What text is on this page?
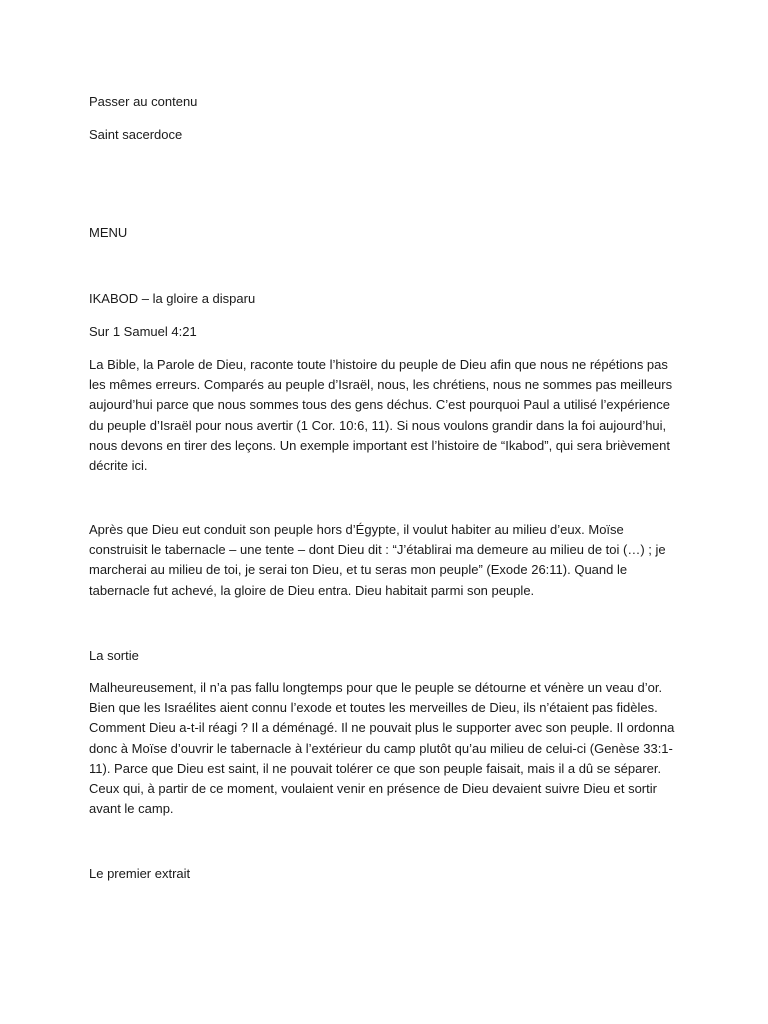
Passer au contenu
Saint sacerdoce
MENU
IKABOD – la gloire a disparu
Sur 1 Samuel 4:21

La Bible, la Parole de Dieu, raconte toute l’histoire du peuple de Dieu afin que nous ne répétions pas les mêmes erreurs. Comparés au peuple d’Israël, nous, les chrétiens, nous ne sommes pas meilleurs aujourd’hui parce que nous sommes tous des gens déchus. C’est pourquoi Paul a utilisé l’expérience du peuple d’Israël pour nous avertir (1 Cor. 10:6, 11). Si nous voulons grandir dans la foi aujourd’hui, nous devons en tirer des leçons. Un exemple important est l’histoire de “Ikabod”, qui sera brièvement décrite ici.

Après que Dieu eut conduit son peuple hors d’Égypte, il voulut habiter au milieu d’eux. Moïse construisit le tabernacle – une tente – dont Dieu dit : “J’établirai ma demeure au milieu de toi (…) ; je marcherai au milieu de toi, je serai ton Dieu, et tu seras mon peuple” (Exode 26:11). Quand le tabernacle fut achevé, la gloire de Dieu entra. Dieu habitait parmi son peuple.

La sortie

Malheureusement, il n’a pas fallu longtemps pour que le peuple se détourne et vénère un veau d’or. Bien que les Israélites aient connu l’exode et toutes les merveilles de Dieu, ils n’étaient pas fidèles. Comment Dieu a-t-il réagi ? Il a déménagé. Il ne pouvait plus le supporter avec son peuple. Il ordonna donc à Moïse d’ouvrir le tabernacle à l’extérieur du camp plutôt qu’au milieu de celui-ci (Genèse 33:1-11). Parce que Dieu est saint, il ne pouvait tolérer ce que son peuple faisait, mais il a dû se séparer. Ceux qui, à partir de ce moment, voulaient venir en présence de Dieu devaient suivre Dieu et sortir avant le camp.

Le premier extrait
